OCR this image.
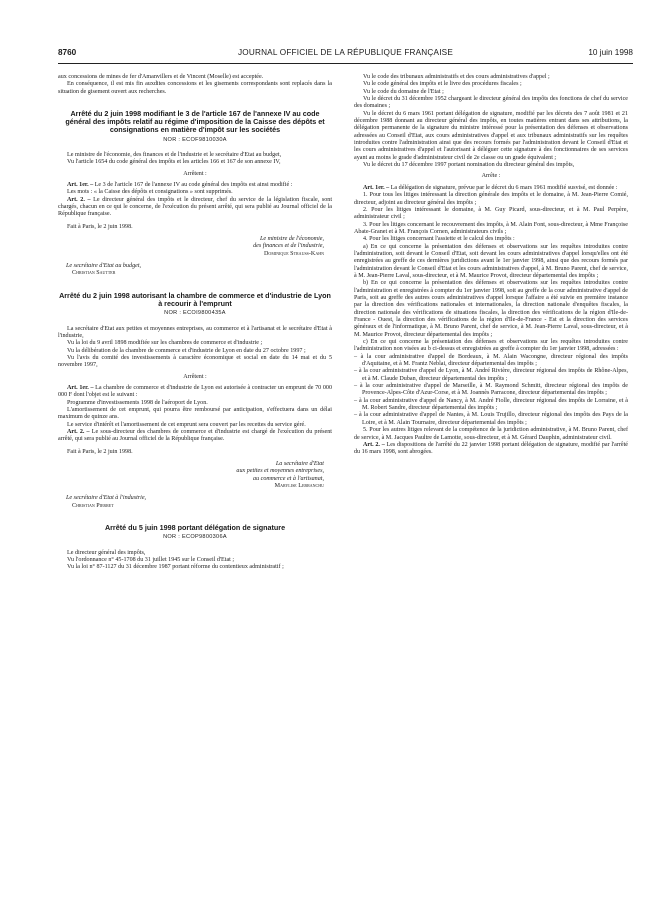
8760	JOURNAL OFFICIEL DE LA RÉPUBLIQUE FRANÇAISE	10 juin 1998

aux concessions de mines de fer d'Amanvillers et de Vincent (Moselle) est acceptée.

En conséquence, il est mis fin auxdites concessions et les gisements correspondants sont replacés dans la situation de gisement ouvert aux recherches.

Arrêté du 2 juin 1998 modifiant le 3 de l'article 167 de l'annexe IV au code général des impôts relatif au régime d'imposition de la Caisse des dépôts et consignations en matière d'impôt sur les sociétés
NOR : ECOF9810030A

Le ministre de l'économie, des finances et de l'industrie et le secrétaire d'Etat au budget,

Vu l'article 1654 du code général des impôts et les articles 166 et 167 de son annexe IV,

Arrêtent :

Art. 1er. – Le 3 de l'article 167 de l'annexe IV au code général des impôts est ainsi modifié :

Les mots : « la Caisse des dépôts et consignations » sont supprimés.

Art. 2. – Le directeur général des impôts et le directeur, chef du service de la législation fiscale, sont chargés, chacun en ce qui le concerne, de l'exécution du présent arrêté, qui sera publié au Journal officiel de la République française.

Fait à Paris, le 2 juin 1998.

Le ministre de l'économie,

des finances et de l'industrie,

Dominique Strauss-Kahn

Le secrétaire d'Etat au budget,

Christian Sautter

Arrêté du 2 juin 1998 autorisant la chambre de commerce et d'industrie de Lyon à recourir à l'emprunt
NOR : ECOI9800435A

La secrétaire d'Etat aux petites et moyennes entreprises, au commerce et à l'artisanat et le secrétaire d'Etat à l'industrie,

Vu la loi du 9 avril 1898 modifiée sur les chambres de commerce et d'industrie ;

Vu la délibération de la chambre de commerce et d'industrie de Lyon en date du 27 octobre 1997 ;

Vu l'avis du comité des investissements à caractère économique et social en date du 14 mai et du 5 novembre 1997,

Arrêtent :

Art. 1er. – La chambre de commerce et d'industrie de Lyon est autorisée à contracter un emprunt de 70 000 000 F dont l'objet est le suivant :

Programme d'investissements 1998 de l'aéroport de Lyon.

L'amortissement de cet emprunt, qui pourra être remboursé par anticipation, s'effectuera dans un délai maximum de quinze ans.

Le service d'intérêt et l'amortissement de cet emprunt sera couvert par les recettes du service géré.

Art. 2. – Le sous-directeur des chambres de commerce et d'industrie est chargé de l'exécution du présent arrêté, qui sera publié au Journal officiel de la République française.

Fait à Paris, le 2 juin 1998.

La secrétaire d'Etat

aux petites et moyennes entreprises,

au commerce et à l'artisanat,

Marylise Lebranchu

Le secrétaire d'Etat à l'industrie,

Christian Pierret

Arrêté du 5 juin 1998 portant délégation de signature
NOR : ECOP9800306A

Le directeur général des impôts,

Vu l'ordonnance n° 45-1708 du 31 juillet 1945 sur le Conseil d'Etat ;

Vu la loi n° 87-1127 du 31 décembre 1987 portant réforme du contentieux administratif ;

Vu le code des tribunaux administratifs et des cours administratives d'appel ;

Vu le code général des impôts et le livre des procédures fiscales ;

Vu le code du domaine de l'Etat ;

Vu le décret du 31 décembre 1952 chargeant le directeur général des impôts des fonctions de chef du service des domaines ;

Vu le décret du 6 mars 1961 portant délégation de signature, modifié par les décrets des 7 août 1981 et 21 décembre 1988 donnant au directeur général des impôts, en toutes matières entrant dans ses attributions, la délégation permanente de la signature du ministre intéressé pour la présentation des défenses et observations adressées au Conseil d'Etat, aux cours administratives d'appel et aux tribunaux administratifs sur les requêtes introduites contre l'administration ainsi que des recours formés par l'administration devant le Conseil d'Etat et les cours administratives d'appel et l'autorisant à déléguer cette signature à des fonctionnaires de ses services ayant au moins le grade d'administrateur civil de 2e classe ou un grade équivalent ;

Vu le décret du 17 décembre 1997 portant nomination du directeur général des impôts,

Arrête :

Art. 1er. – La délégation de signature, prévue par le décret du 6 mars 1961 modifié susvisé, est donnée :

1. Pour tous les litiges intéressant la direction générale des impôts et le domaine, à M. Jean-Pierre Comié, directeur, adjoint au directeur général des impôts ;

2. Pour les litiges intéressant le domaine, à M. Guy Picard, sous-directeur, et à M. Paul Perpère, administrateur civil ;

3. Pour les litiges concernant le recouvrement des impôts, à M. Alain Font, sous-directeur, à Mme Françoise Abate-Granet et à M. François Cornen, administrateurs civils ;

4. Pour les litiges concernant l'assiette et le calcul des impôts :

a) En ce qui concerne la présentation des défenses et observations sur les requêtes introduites contre l'administration, soit devant le Conseil d'Etat, soit devant les cours administratives d'appel lorsqu'elles ont été enregistrées au greffe de ces dernières juridictions avant le 1er janvier 1998, ainsi que des recours formés par l'administration devant le Conseil d'Etat et les cours administratives d'appel, à M. Bruno Parent, chef de service, à M. Jean-Pierre Laval, sous-directeur, et à M. Maurice Provot, directeur départemental des impôts ;

b) En ce qui concerne la présentation des défenses et observations sur les requêtes introduites contre l'administration et enregistrées à compter du 1er janvier 1998, soit au greffe de la cour administrative d'appel de Paris, soit au greffe des autres cours administratives d'appel lorsque l'affaire a été suivie en première instance par la direction des vérifications nationales et internationales, la direction nationale d'enquêtes fiscales, la direction nationale des vérifications de situations fiscales, la direction des vérifications de la région d'Ile-de-France - Ouest, la direction des vérifications de la région d'Ile-de-France - Est et la direction des services généraux et de l'informatique, à M. Bruno Parent, chef de service, à M. Jean-Pierre Laval, sous-directeur, et à M. Maurice Provot, directeur départemental des impôts ;

c) En ce qui concerne la présentation des défenses et observations sur les requêtes introduites contre l'administration non visées au b ci-dessus et enregistrées au greffe à compter du 1er janvier 1998, adressées :

– à la cour administrative d'appel de Bordeaux, à M. Alain Wacongne, directeur régional des impôts d'Aquitaine, et à M. Frantz Neblai, directeur départemental des impôts ;

– à la cour administrative d'appel de Lyon, à M. André Rivière, directeur régional des impôts de Rhône-Alpes, et à M. Claude Duban, directeur départemental des impôts ;

– à la cour administrative d'appel de Marseille, à M. Raymond Schmitt, directeur régional des impôts de Provence-Alpes-Côte d'Azur-Corse, et à M. Joannès Parracone, directeur départemental des impôts ;

– à la cour administrative d'appel de Nancy, à M. André Fiolle, directeur régional des impôts de Lorraine, et à M. Robert Sandre, directeur départemental des impôts ;

– à la cour administrative d'appel de Nantes, à M. Louis Trujillo, directeur régional des impôts des Pays de la Loire, et à M. Alain Tournaire, directeur départemental des impôts ;

5. Pour les autres litiges relevant de la compétence de la juridiction administrative, à M. Bruno Parent, chef de service, à M. Jacques Paultre de Lamotte, sous-directeur, et à M. Gérard Dauphin, administrateur civil.

Art. 2. – Les dispositions de l'arrêté du 22 janvier 1998 portant délégation de signature, modifié par l'arrêté du 16 mars 1998, sont abrogées.
